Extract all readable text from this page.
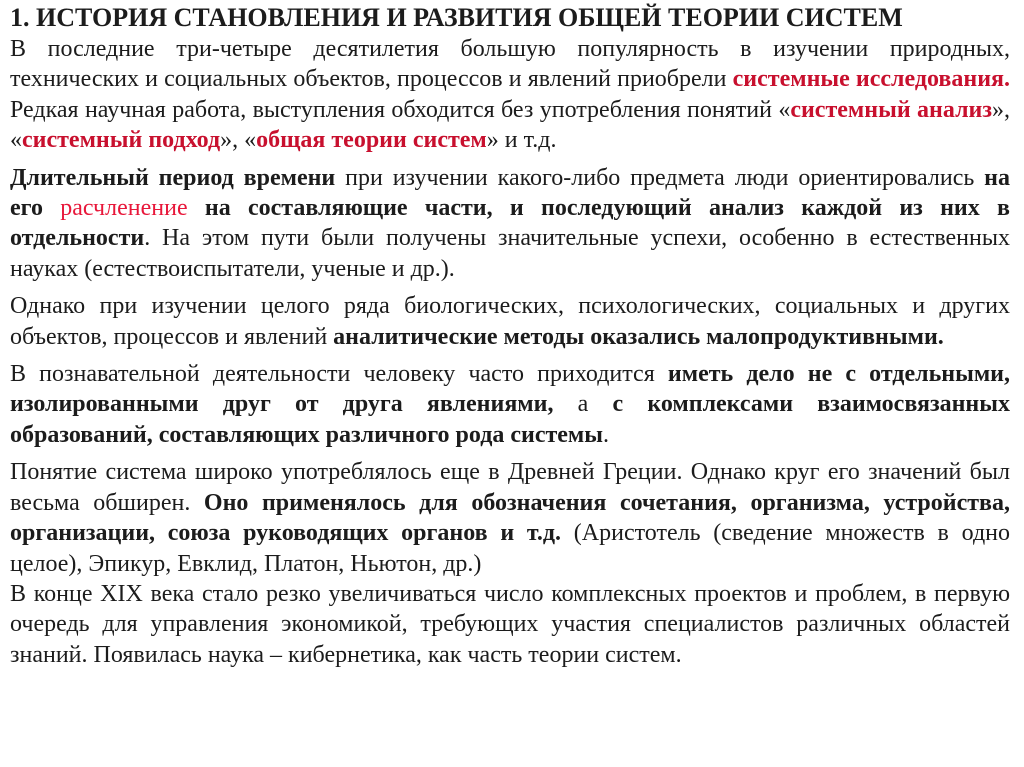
1. ИСТОРИЯ СТАНОВЛЕНИЯ И РАЗВИТИЯ ОБЩЕЙ ТЕОРИИ СИСТЕМ

В последние три-четыре десятилетия большую популярность в изучении природных, технических и социальных объектов, процессов и явлений приобрели системные исследования. Редкая научная работа, выступления обходится без употребления понятий «системный анализ», «системный подход», «общая теории систем» и т.д.

Длительный период времени при изучении какого-либо предмета люди ориентировались на его расчленение на составляющие части, и последующий анализ каждой из них в отдельности. На этом пути были получены значительные успехи, особенно в естественных науках (естествоиспытатели, ученые и др.).

Однако при изучении целого ряда биологических, психологических, социальных и других объектов, процессов и явлений аналитические методы оказались малопродуктивными.

В познавательной деятельности человеку часто приходится иметь дело не с отдельными, изолированными друг от друга явлениями, а с комплексами взаимосвязанных образований, составляющих различного рода системы.

Понятие система широко употреблялось еще в Древней Греции. Однако круг его значений был весьма обширен. Оно применялось для обозначения сочетания, организма, устройства, организации, союза руководящих органов и т.д. (Аристотель (сведение множеств в одно целое), Эпикур, Евклид, Платон, Ньютон, др.)

В конце XIX века стало резко увеличиваться число комплексных проектов и проблем, в первую очередь для управления экономикой, требующих участия специалистов различных областей знаний. Появилась наука – кибернетика, как часть теории систем.
